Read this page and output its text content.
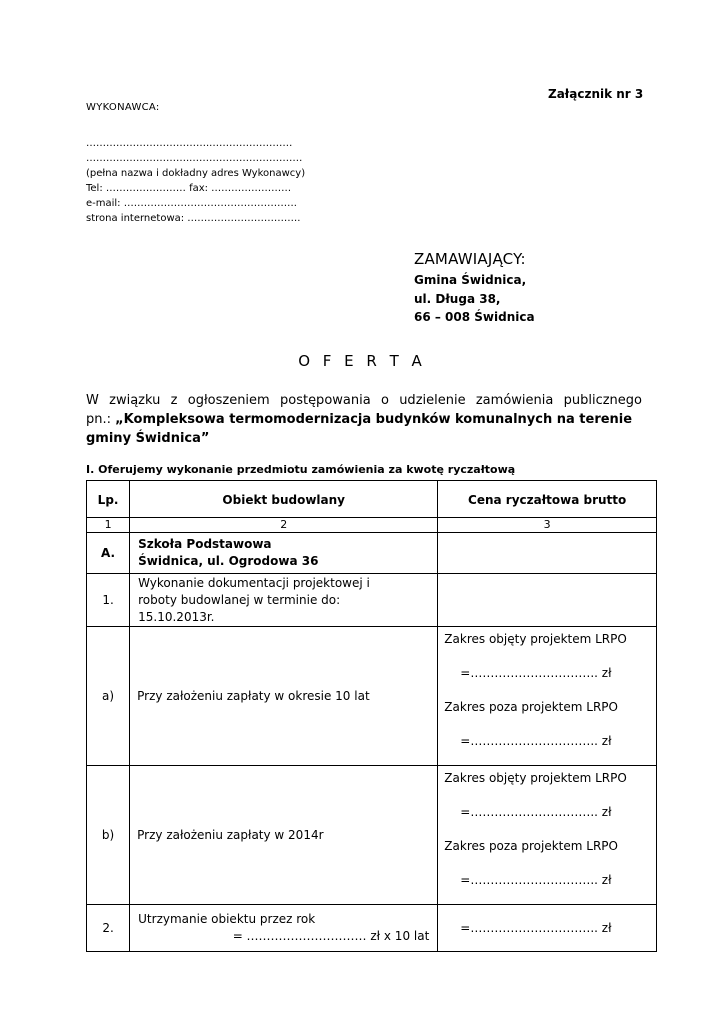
Załącznik nr 3
WYKONAWCA:
………………………………..……………………
…………………………..……………………………
(pełna nazwa i dokładny adres Wykonawcy)
Tel: …………………… fax: ……………………
e-mail: …………………………………………….
strona internetowa: …………………………….
ZAMAWIAJĄCY:
Gmina Świdnica,
ul. Długa 38,
66 – 008 Świdnica
O F E R T A
W związku z ogłoszeniem postępowania o udzielenie zamówienia publicznego
pn.: „Kompleksowa termomodernizacja budynków komunalnych na terenie gminy Świdnica”
I. Oferujemy wykonanie przedmiotu zamówienia za kwotę ryczałtową
Lp.	Obiekt budowlany	Cena ryczałtowa brutto

1	2	3
A.	Szkoła Podstawowa
Świdnica, ul. Ogrodowa 36	

1.	Wykonanie dokumentacji projektowej i
roboty budowlanej w terminie do:
15.10.2013r.	

a)	Przy założeniu zapłaty w okresie 10 lat	Zakres objęty projektem LRPO
=………………………….. zł
Zakres poza projektem LRPO
=………………………….. zł

b)	Przy założeniu zapłaty w 2014r	Zakres objęty projektem LRPO
=………………………….. zł
Zakres poza projektem LRPO
=………………………….. zł

2.	Utrzymanie obiektu przez rok
= ………………………… zł x 10 lat	=………………………….. zł
